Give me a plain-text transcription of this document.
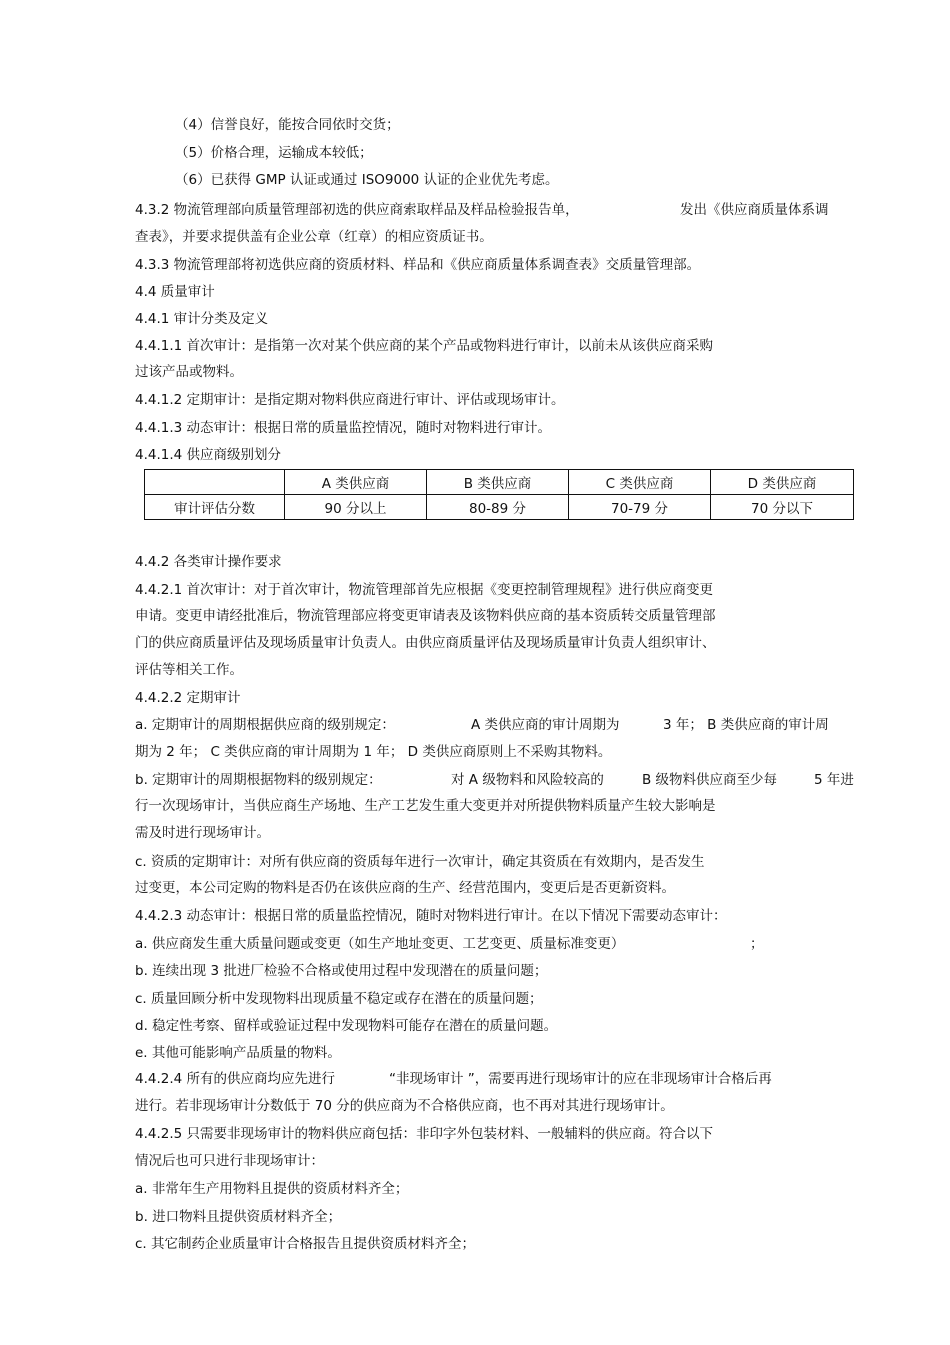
（4）信誉良好，能按合同依时交货；
（5）价格合理，运输成本较低；
（6）已获得 GMP 认证或通过 ISO9000 认证的企业优先考虑。
4.3.2 物流管理部向质量管理部初选的供应商索取样品及样品检验报告单，	发出《供应商质量体系调
查表》，并要求提供盖有企业公章（红章）的相应资质证书。
4.3.3 物流管理部将初选供应商的资质材料、样品和《供应商质量体系调查表》交质量管理部。
4.4 质量审计
4.4.1 审计分类及定义
4.4.1.1 首次审计：是指第一次对某个供应商的某个产品或物料进行审计，以前未从该供应商采购
过该产品或物料。
4.4.1.2 定期审计：是指定期对物料供应商进行审计、评估或现场审计。
4.4.1.3 动态审计：根据日常的质量监控情况，随时对物料进行审计。
4.4.1.4 供应商级别划分
	A 类供应商	B 类供应商	C 类供应商	D 类供应商
审计评估分数	90 分以上	80-89 分	70-79 分	70 分以下
4.4.2 各类审计操作要求
4.4.2.1 首次审计：对于首次审计，物流管理部首先应根据《变更控制管理规程》进行供应商变更
申请。变更申请经批准后，物流管理部应将变更审请表及该物料供应商的基本资质转交质量管理部
门的供应商质量评估及现场质量审计负责人。由供应商质量评估及现场质量审计负责人组织审计、
评估等相关工作。
4.4.2.2 定期审计
a. 定期审计的周期根据供应商的级别规定：	A 类供应商的审计周期为	3 年； B 类供应商的审计周
期为 2 年； C 类供应商的审计周期为 1 年； D 类供应商原则上不采购其物料。
b. 定期审计的周期根据物料的级别规定：	对 A 级物料和风险较高的	B 级物料供应商至少每	5 年进
行一次现场审计，当供应商生产场地、生产工艺发生重大变更并对所提供物料质量产生较大影响是
需及时进行现场审计。
c. 资质的定期审计：对所有供应商的资质每年进行一次审计，确定其资质在有效期内，是否发生
过变更，本公司定购的物料是否仍在该供应商的生产、经营范围内，变更后是否更新资料。
4.4.2.3 动态审计：根据日常的质量监控情况，随时对物料进行审计。在以下情况下需要动态审计：
a. 供应商发生重大质量问题或变更（如生产地址变更、工艺变更、质量标准变更）	；
b. 连续出现 3 批进厂检验不合格或使用过程中发现潜在的质量问题；
c. 质量回顾分析中发现物料出现质量不稳定或存在潜在的质量问题；
d. 稳定性考察、留样或验证过程中发现物料可能存在潜在的质量问题。
e. 其他可能影响产品质量的物料。
4.4.2.4 所有的供应商均应先进行	“非现场审计 ”，需要再进行现场审计的应在非现场审计合格后再
进行。若非现场审计分数低于 70 分的供应商为不合格供应商，也不再对其进行现场审计。
4.4.2.5 只需要非现场审计的物料供应商包括：非印字外包装材料、一般辅料的供应商。符合以下
情况后也可只进行非现场审计：
a. 非常年生产用物料且提供的资质材料齐全；
b. 进口物料且提供资质材料齐全；
c. 其它制药企业质量审计合格报告且提供资质材料齐全；
